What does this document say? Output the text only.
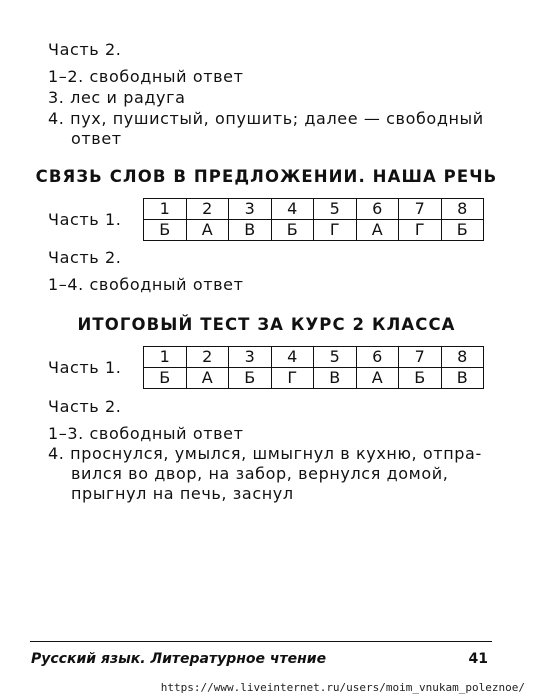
Часть 2.
1–2. свободный ответ
3. лес и радуга
4. пух, пушистый, опушить; далее — свободный
ответ
СВЯЗЬ СЛОВ В ПРЕДЛОЖЕНИИ. НАША РЕЧЬ
Часть 1.
1	2	3	4	5	6	7	8
Б	А	В	Б	Г	А	Г	Б
Часть 2.
1–4. свободный ответ
ИТОГОВЫЙ ТЕСТ ЗА КУРС 2 КЛАССА
Часть 1.
1	2	3	4	5	6	7	8
Б	А	Б	Г	В	А	Б	В
Часть 2.
1–3. свободный ответ
4. проснулся, умылся, шмыгнул в кухню, отпра-
вился во двор, на забор, вернулся домой,
прыгнул на печь, заснул
Русский язык. Литературное чтение	41
https://www.liveinternet.ru/users/moim_vnukam_poleznoe/
